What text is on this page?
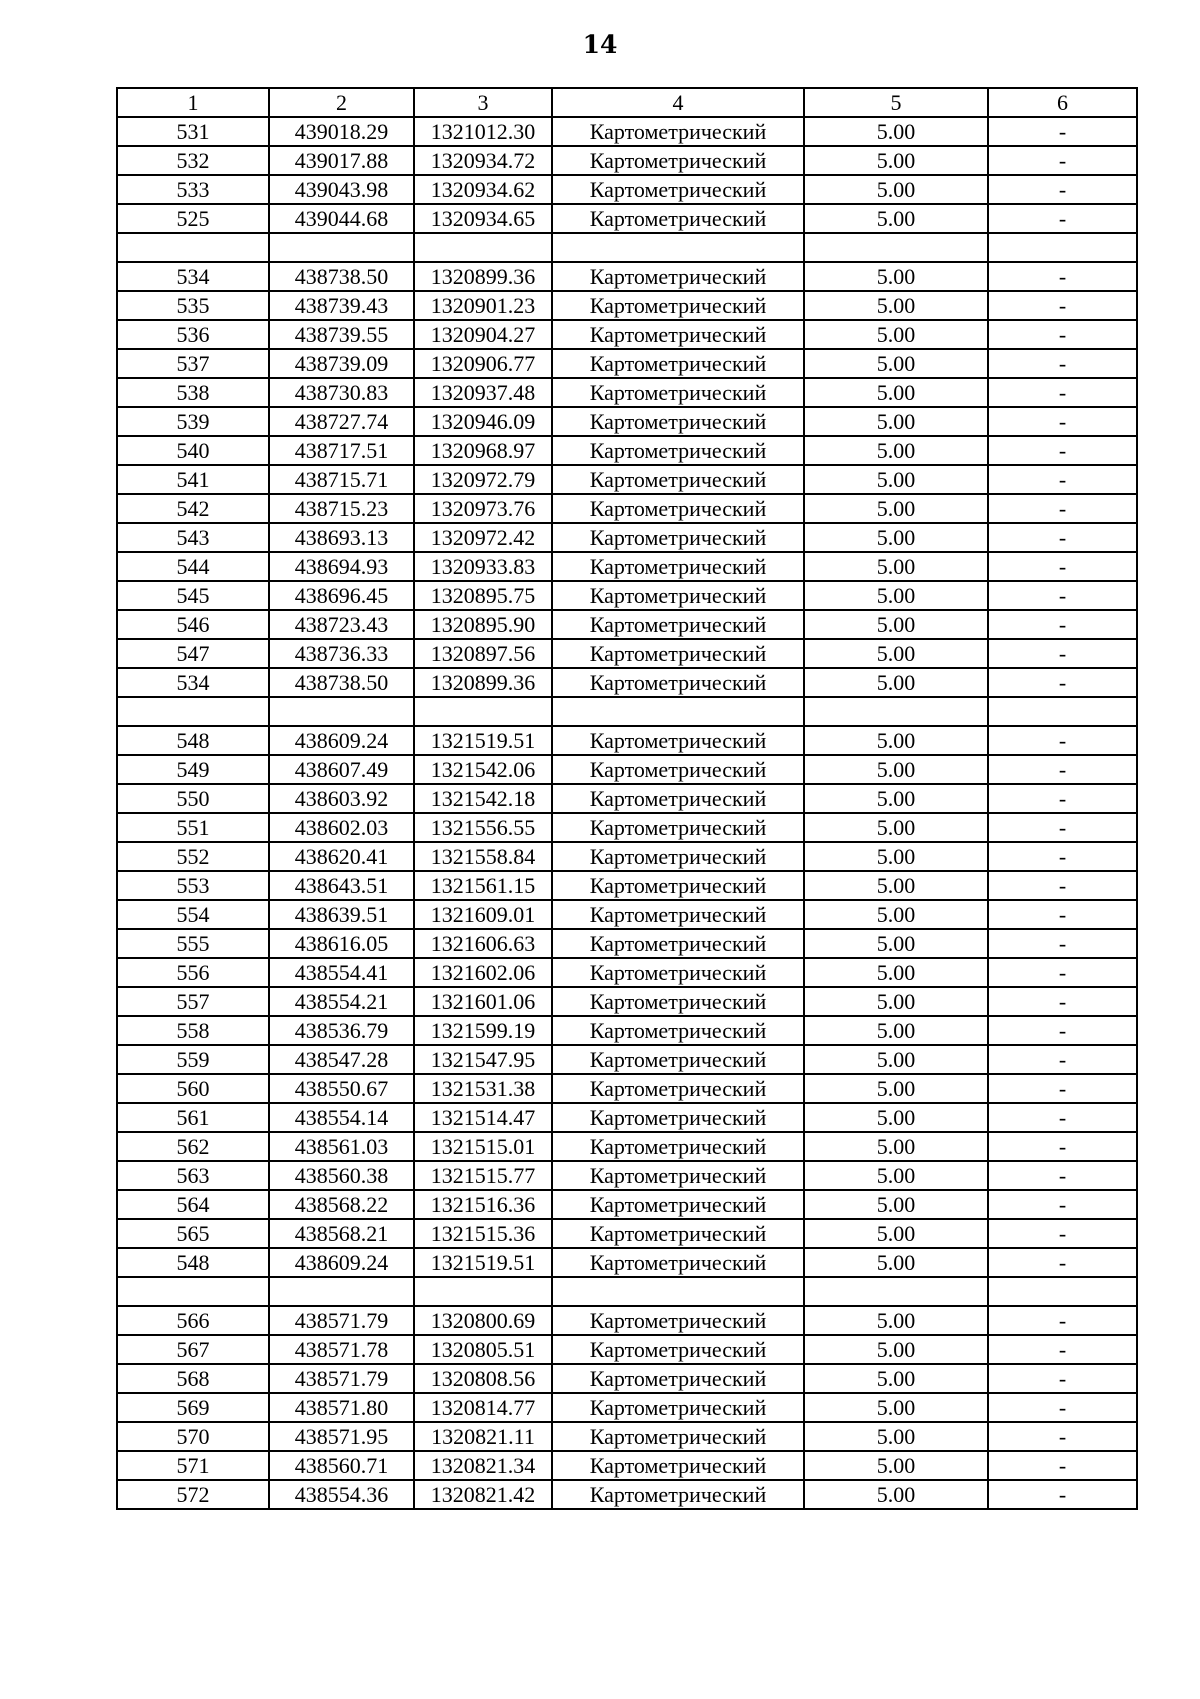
14
1	2	3	4	5	6
531	439018.29	1321012.30	Картометрический	5.00	-
532	439017.88	1320934.72	Картометрический	5.00	-
533	439043.98	1320934.62	Картометрический	5.00	-
525	439044.68	1320934.65	Картометрический	5.00	-

534	438738.50	1320899.36	Картометрический	5.00	-
535	438739.43	1320901.23	Картометрический	5.00	-
536	438739.55	1320904.27	Картометрический	5.00	-
537	438739.09	1320906.77	Картометрический	5.00	-
538	438730.83	1320937.48	Картометрический	5.00	-
539	438727.74	1320946.09	Картометрический	5.00	-
540	438717.51	1320968.97	Картометрический	5.00	-
541	438715.71	1320972.79	Картометрический	5.00	-
542	438715.23	1320973.76	Картометрический	5.00	-
543	438693.13	1320972.42	Картометрический	5.00	-
544	438694.93	1320933.83	Картометрический	5.00	-
545	438696.45	1320895.75	Картометрический	5.00	-
546	438723.43	1320895.90	Картометрический	5.00	-
547	438736.33	1320897.56	Картометрический	5.00	-
534	438738.50	1320899.36	Картометрический	5.00	-

548	438609.24	1321519.51	Картометрический	5.00	-
549	438607.49	1321542.06	Картометрический	5.00	-
550	438603.92	1321542.18	Картометрический	5.00	-
551	438602.03	1321556.55	Картометрический	5.00	-
552	438620.41	1321558.84	Картометрический	5.00	-
553	438643.51	1321561.15	Картометрический	5.00	-
554	438639.51	1321609.01	Картометрический	5.00	-
555	438616.05	1321606.63	Картометрический	5.00	-
556	438554.41	1321602.06	Картометрический	5.00	-
557	438554.21	1321601.06	Картометрический	5.00	-
558	438536.79	1321599.19	Картометрический	5.00	-
559	438547.28	1321547.95	Картометрический	5.00	-
560	438550.67	1321531.38	Картометрический	5.00	-
561	438554.14	1321514.47	Картометрический	5.00	-
562	438561.03	1321515.01	Картометрический	5.00	-
563	438560.38	1321515.77	Картометрический	5.00	-
564	438568.22	1321516.36	Картометрический	5.00	-
565	438568.21	1321515.36	Картометрический	5.00	-
548	438609.24	1321519.51	Картометрический	5.00	-

566	438571.79	1320800.69	Картометрический	5.00	-
567	438571.78	1320805.51	Картометрический	5.00	-
568	438571.79	1320808.56	Картометрический	5.00	-
569	438571.80	1320814.77	Картометрический	5.00	-
570	438571.95	1320821.11	Картометрический	5.00	-
571	438560.71	1320821.34	Картометрический	5.00	-
572	438554.36	1320821.42	Картометрический	5.00	-
